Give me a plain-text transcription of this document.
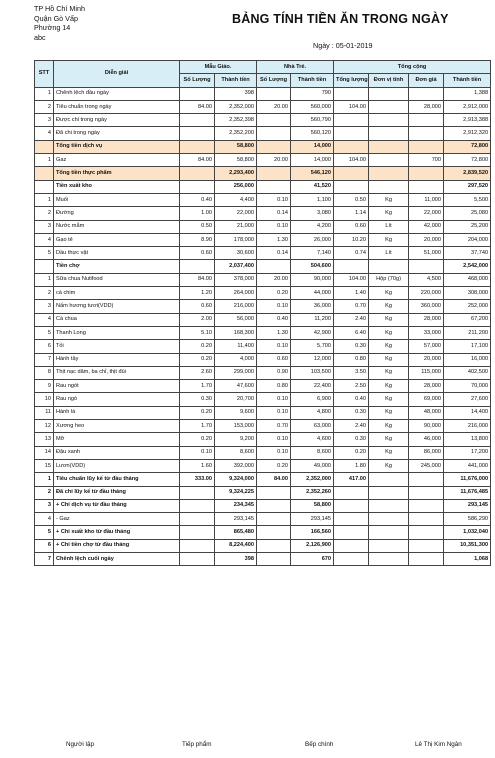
TP Hồ Chí Minh
Quận Gò Vấp
Phường 14
abc
BẢNG TÍNH TIỀN ĂN TRONG NGÀY
Ngày : 05-01-2019
STT	Diễn giải	Mẫu Giáo.		Nhà Trẻ.		Tổng cộng			
		Số Lượng	Thành tiền	Số Lượng	Thành tiền	Tổng lượng	Đơn vị tính	Đơn giá	Thành tiền
1	Chênh lệch đầu ngày		398		790				1,388
2	Tiêu chuẩn trong ngày	84.00	2,352,000	20.00	560,000	104.00		28,000	2,912,000
3	Được chi trong ngày		2,352,398		560,790				2,913,388
4	Đã chi trong ngày		2,352,200		560,120				2,912,320
	Tổng tiền dịch vụ		58,800		14,000				72,800
1	Gaz	84.00	58,800	20.00	14,000	104.00		700	72,800
	Tổng tiền thực phẩm		2,293,400		546,120				2,839,520
	Tiền xuất kho		256,000		41,520				297,520
1	Muối	0.40	4,400	0.10	1,100	0.50	Kg	11,000	5,500
2	Đường	1.00	22,000	0.14	3,080	1.14	Kg	22,000	25,080
3	Nước mắm	0.50	21,000	0.10	4,200	0.60	Lít	42,000	25,200
4	Gạo tẻ	8.90	178,000	1.30	26,000	10.20	Kg	20,000	204,000
5	Dầu thực vật	0.60	30,600	0.14	7,140	0.74	Lít	51,000	37,740
	Tiền chợ		2,037,400		504,600				2,542,000
1	Sữa chua Nutifood	84.00	378,000	20.00	90,000	104.00	Hộp (70g)	4,500	468,000
2	cá chim	1.20	264,000	0.20	44,000	1.40	Kg	220,000	308,000
3	Nấm hương tươi(VDD)	0.60	216,000	0.10	36,000	0.70	Kg	360,000	252,000
4	Cà chua	2.00	56,000	0.40	11,200	2.40	Kg	28,000	67,200
5	Thanh Long	5.10	168,300	1.30	42,900	6.40	Kg	33,000	211,200
6	Tỏi	0.20	11,400	0.10	5,700	0.30	Kg	57,000	17,100
7	Hành tây	0.20	4,000	0.60	12,000	0.80	Kg	20,000	16,000
8	Thịt nạc dăm, ba chỉ, thịt đùi	2.60	299,000	0.90	103,500	3.50	Kg	115,000	402,500
9	Rau ngót	1.70	47,600	0.80	22,400	2.50	Kg	28,000	70,000
10	Rau ngò	0.30	20,700	0.10	6,900	0.40	Kg	69,000	27,600
11	Hành lá	0.20	9,600	0.10	4,800	0.30	Kg	48,000	14,400
12	Xương heo	1.70	153,000	0.70	63,000	2.40	Kg	90,000	216,000
13	Mỡ	0.20	9,200	0.10	4,600	0.30	Kg	46,000	13,800
14	Đậu xanh	0.10	8,600	0.10	8,600	0.20	Kg	86,000	17,200
15	Lươn(VDD)	1.60	392,000	0.20	49,000	1.80	Kg	245,000	441,000
1	Tiêu chuẩn lũy kế từ đầu tháng	333.00	9,324,000	84.00	2,352,000	417.00			11,676,000
2	Đã chi lũy kế từ đầu tháng		9,324,225		2,352,260				11,676,485
3	+ Chi dịch vụ từ đầu tháng		234,345		58,800				293,145
4	- Gaz		293,145		293,145				586,290
5	+ Chi xuất kho từ đầu tháng		865,480		166,560				1,032,040
6	+ Chi tiền chợ từ đầu tháng		8,224,400		2,126,900				10,351,300
7	Chênh lệch cuối ngày		398		670				1,068
Người lập	Tiếp phẩm	Bếp chính	Lê Thị Kim Ngân
